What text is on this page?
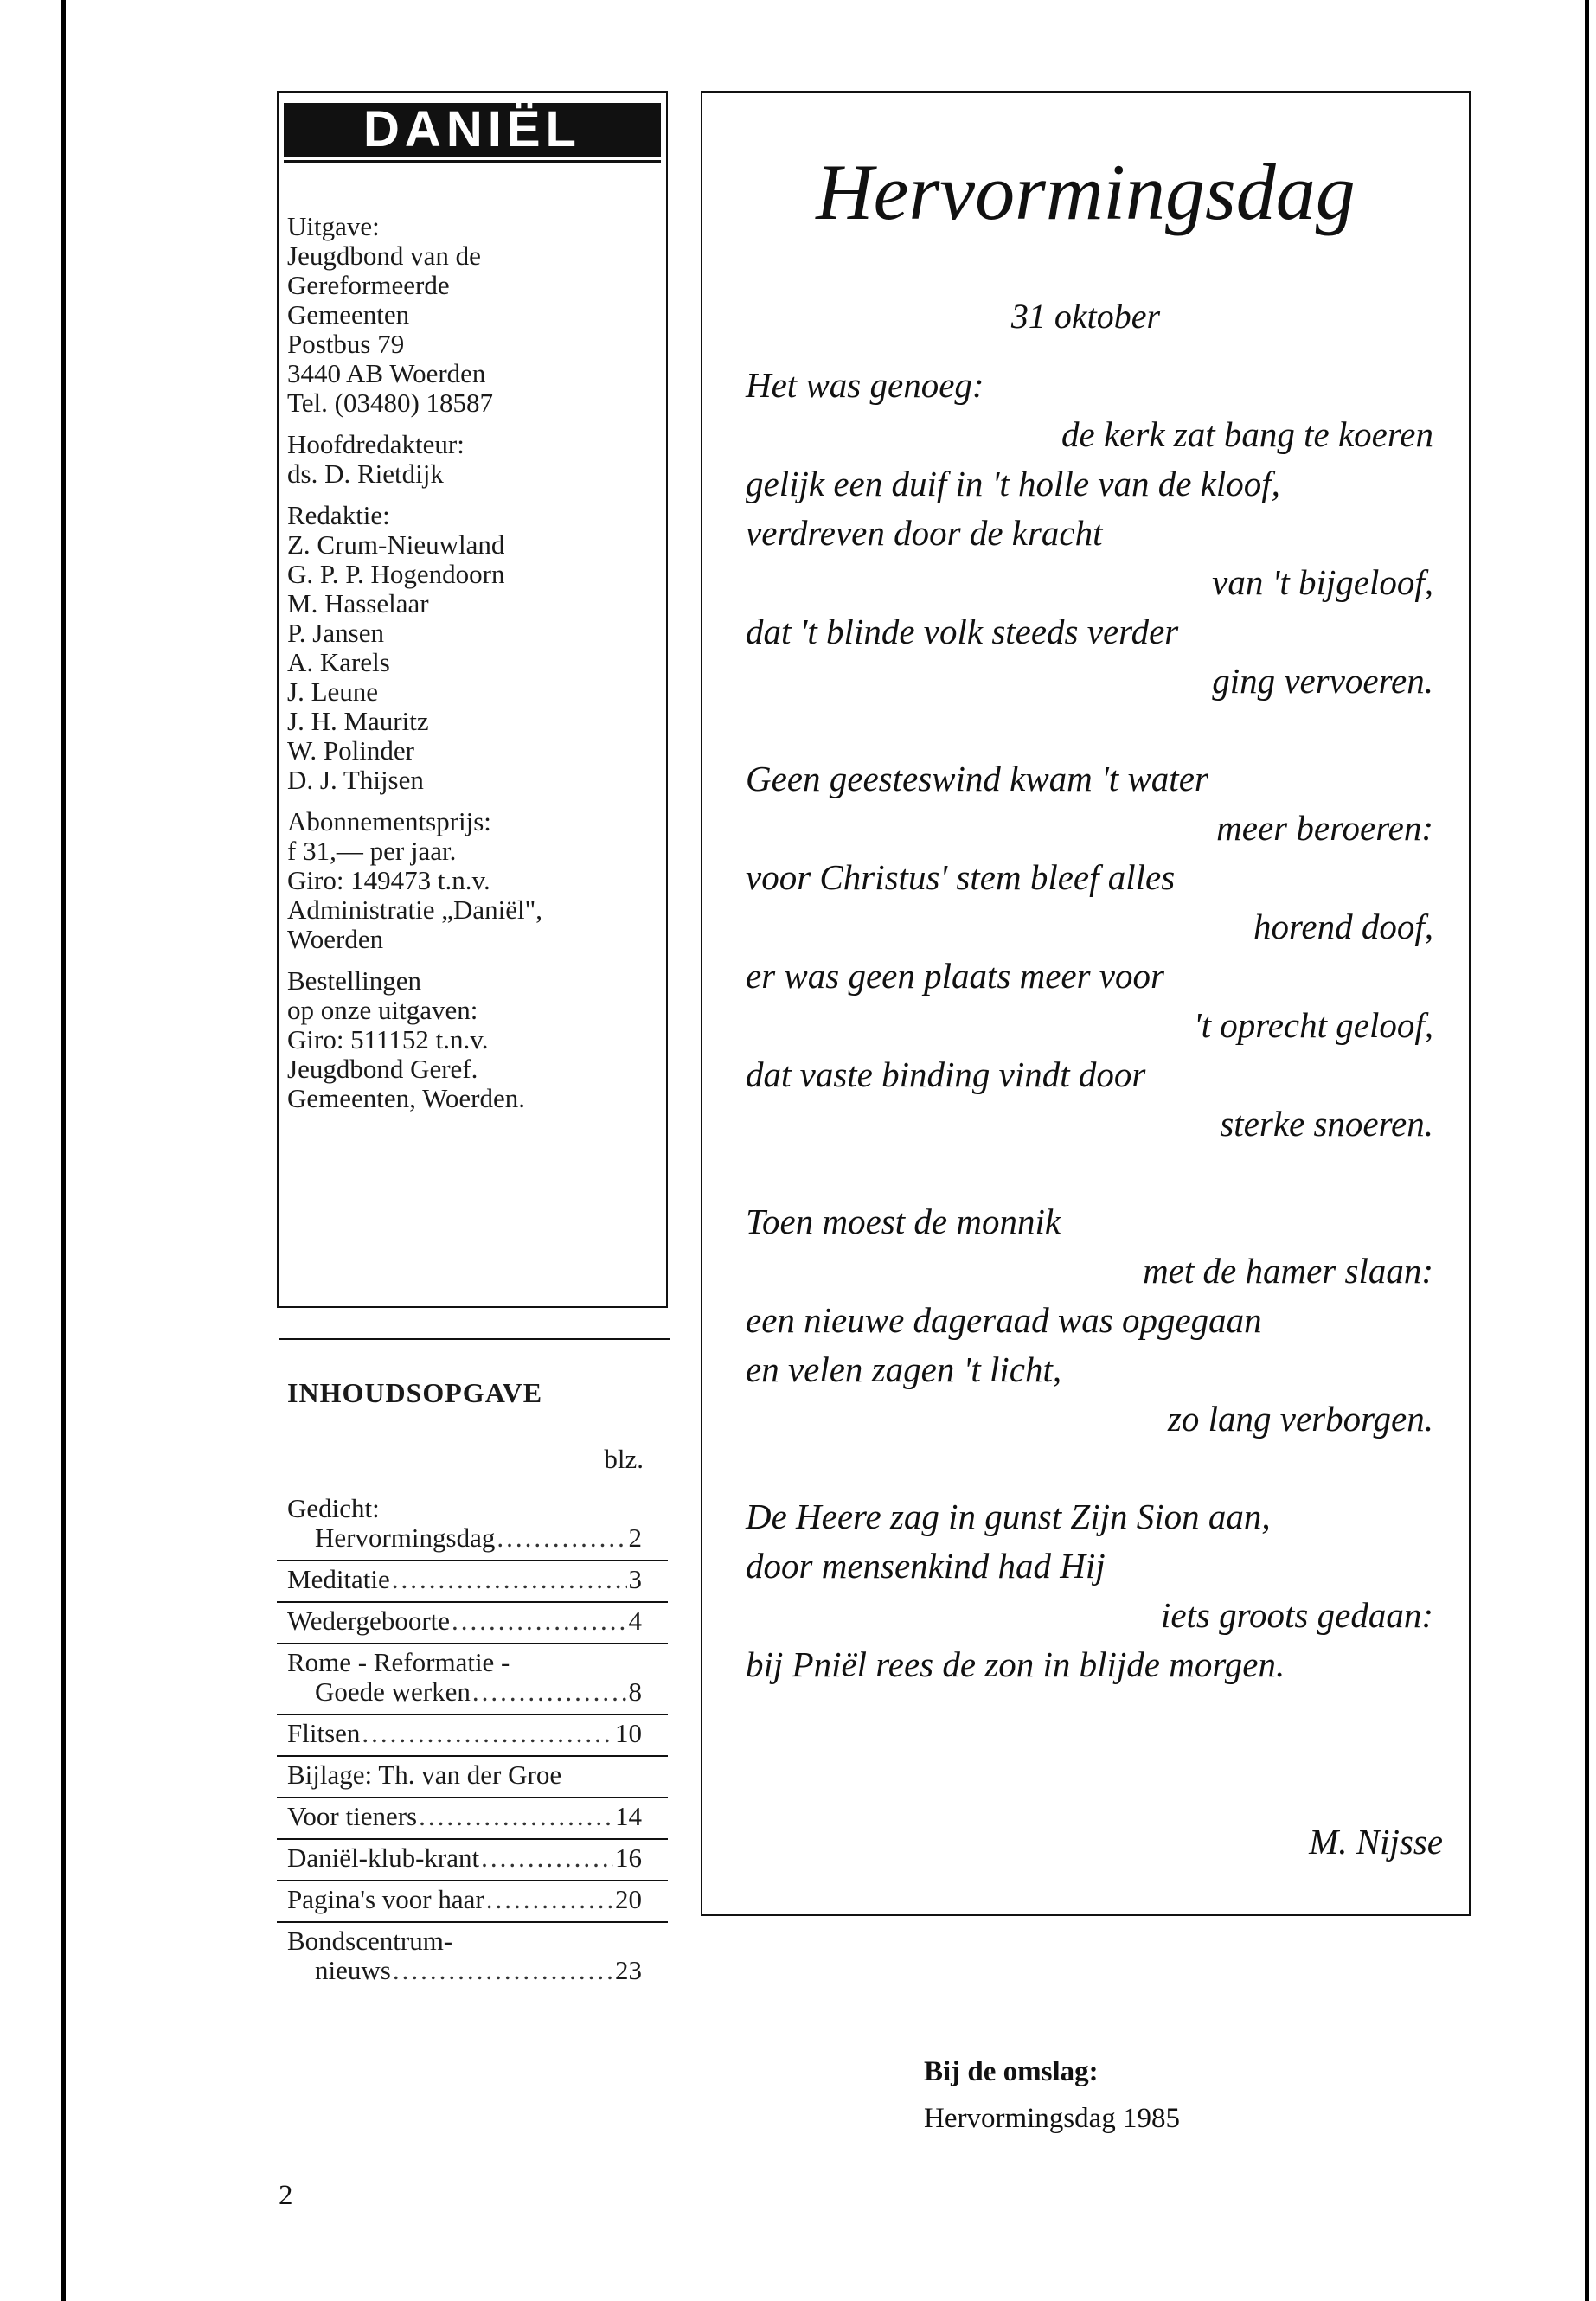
DANIËL
Uitgave:
Jeugdbond van de
Gereformeerde
Gemeenten
Postbus 79
3440 AB Woerden
Tel. (03480) 18587
Hoofdredakteur:
ds. D. Rietdijk
Redaktie:
Z. Crum-Nieuwland
G. P. P. Hogendoorn
M. Hasselaar
P. Jansen
A. Karels
J. Leune
J. H. Mauritz
W. Polinder
D. J. Thijsen
Abonnementsprijs:
f 31,— per jaar.
Giro: 149473 t.n.v.
Administratie „Daniël",
Woerden
Bestellingen
op onze uitgaven:
Giro: 511152 t.n.v.
Jeugdbond Geref.
Gemeenten, Woerden.
INHOUDSOPGAVE
blz.
Gedicht:
Hervormingsdag .....	2
Meditatie .....	3
Wedergeboorte .....	4
Rome - Reformatie -
Goede werken .....	8
Flitsen .....	10
Bijlage: Th. van der Groe
Voor tieners .....	14
Daniël-klub-krant .....	16
Pagina's voor haar .....	20
Bondscentrum-
nieuws .....	23
Hervormingsdag
31 oktober
Het was genoeg:
de kerk zat bang te koeren
gelijk een duif in 't holle van de kloof,
verdreven door de kracht
van 't bijgeloof,
dat 't blinde volk steeds verder
ging vervoeren.
Geen geesteswind kwam 't water
meer beroeren:
voor Christus' stem bleef alles
horend doof,
er was geen plaats meer voor
't oprecht geloof,
dat vaste binding vindt door
sterke snoeren.
Toen moest de monnik
met de hamer slaan:
een nieuwe dageraad was opgegaan
en velen zagen 't licht,
zo lang verborgen.
De Heere zag in gunst Zijn Sion aan,
door mensenkind had Hij
iets groots gedaan:
bij Pniël rees de zon in blijde morgen.
M. Nijsse
Bij de omslag:
Hervormingsdag 1985
2
